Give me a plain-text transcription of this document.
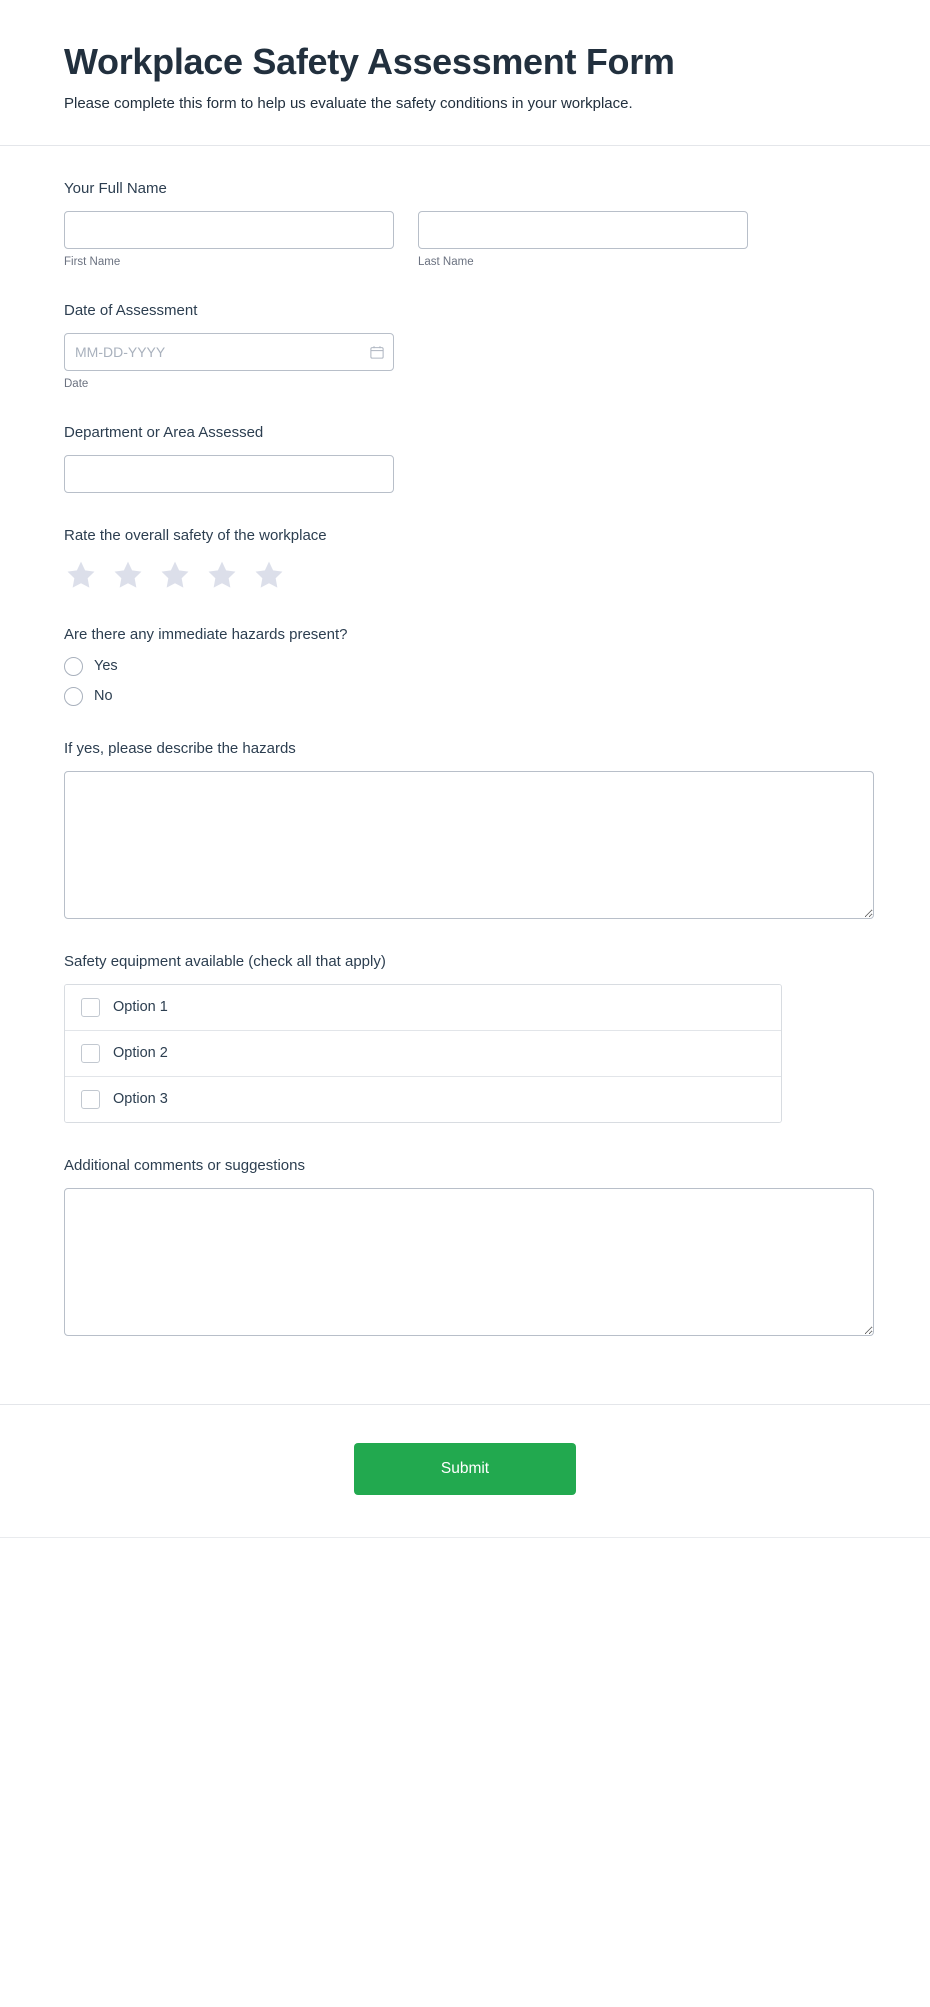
Workplace Safety Assessment Form

Please complete this form to help us evaluate the safety conditions in your workplace.

Your Full Name
First Name	Last Name
Date of Assessment
MM-DD-YYYY
Date
Department or Area Assessed
Rate the overall safety of the workplace
Are there any immediate hazards present?
Yes
No
If yes, please describe the hazards
Safety equipment available (check all that apply)
Option 1
Option 2
Option 3
Additional comments or suggestions
Submit
